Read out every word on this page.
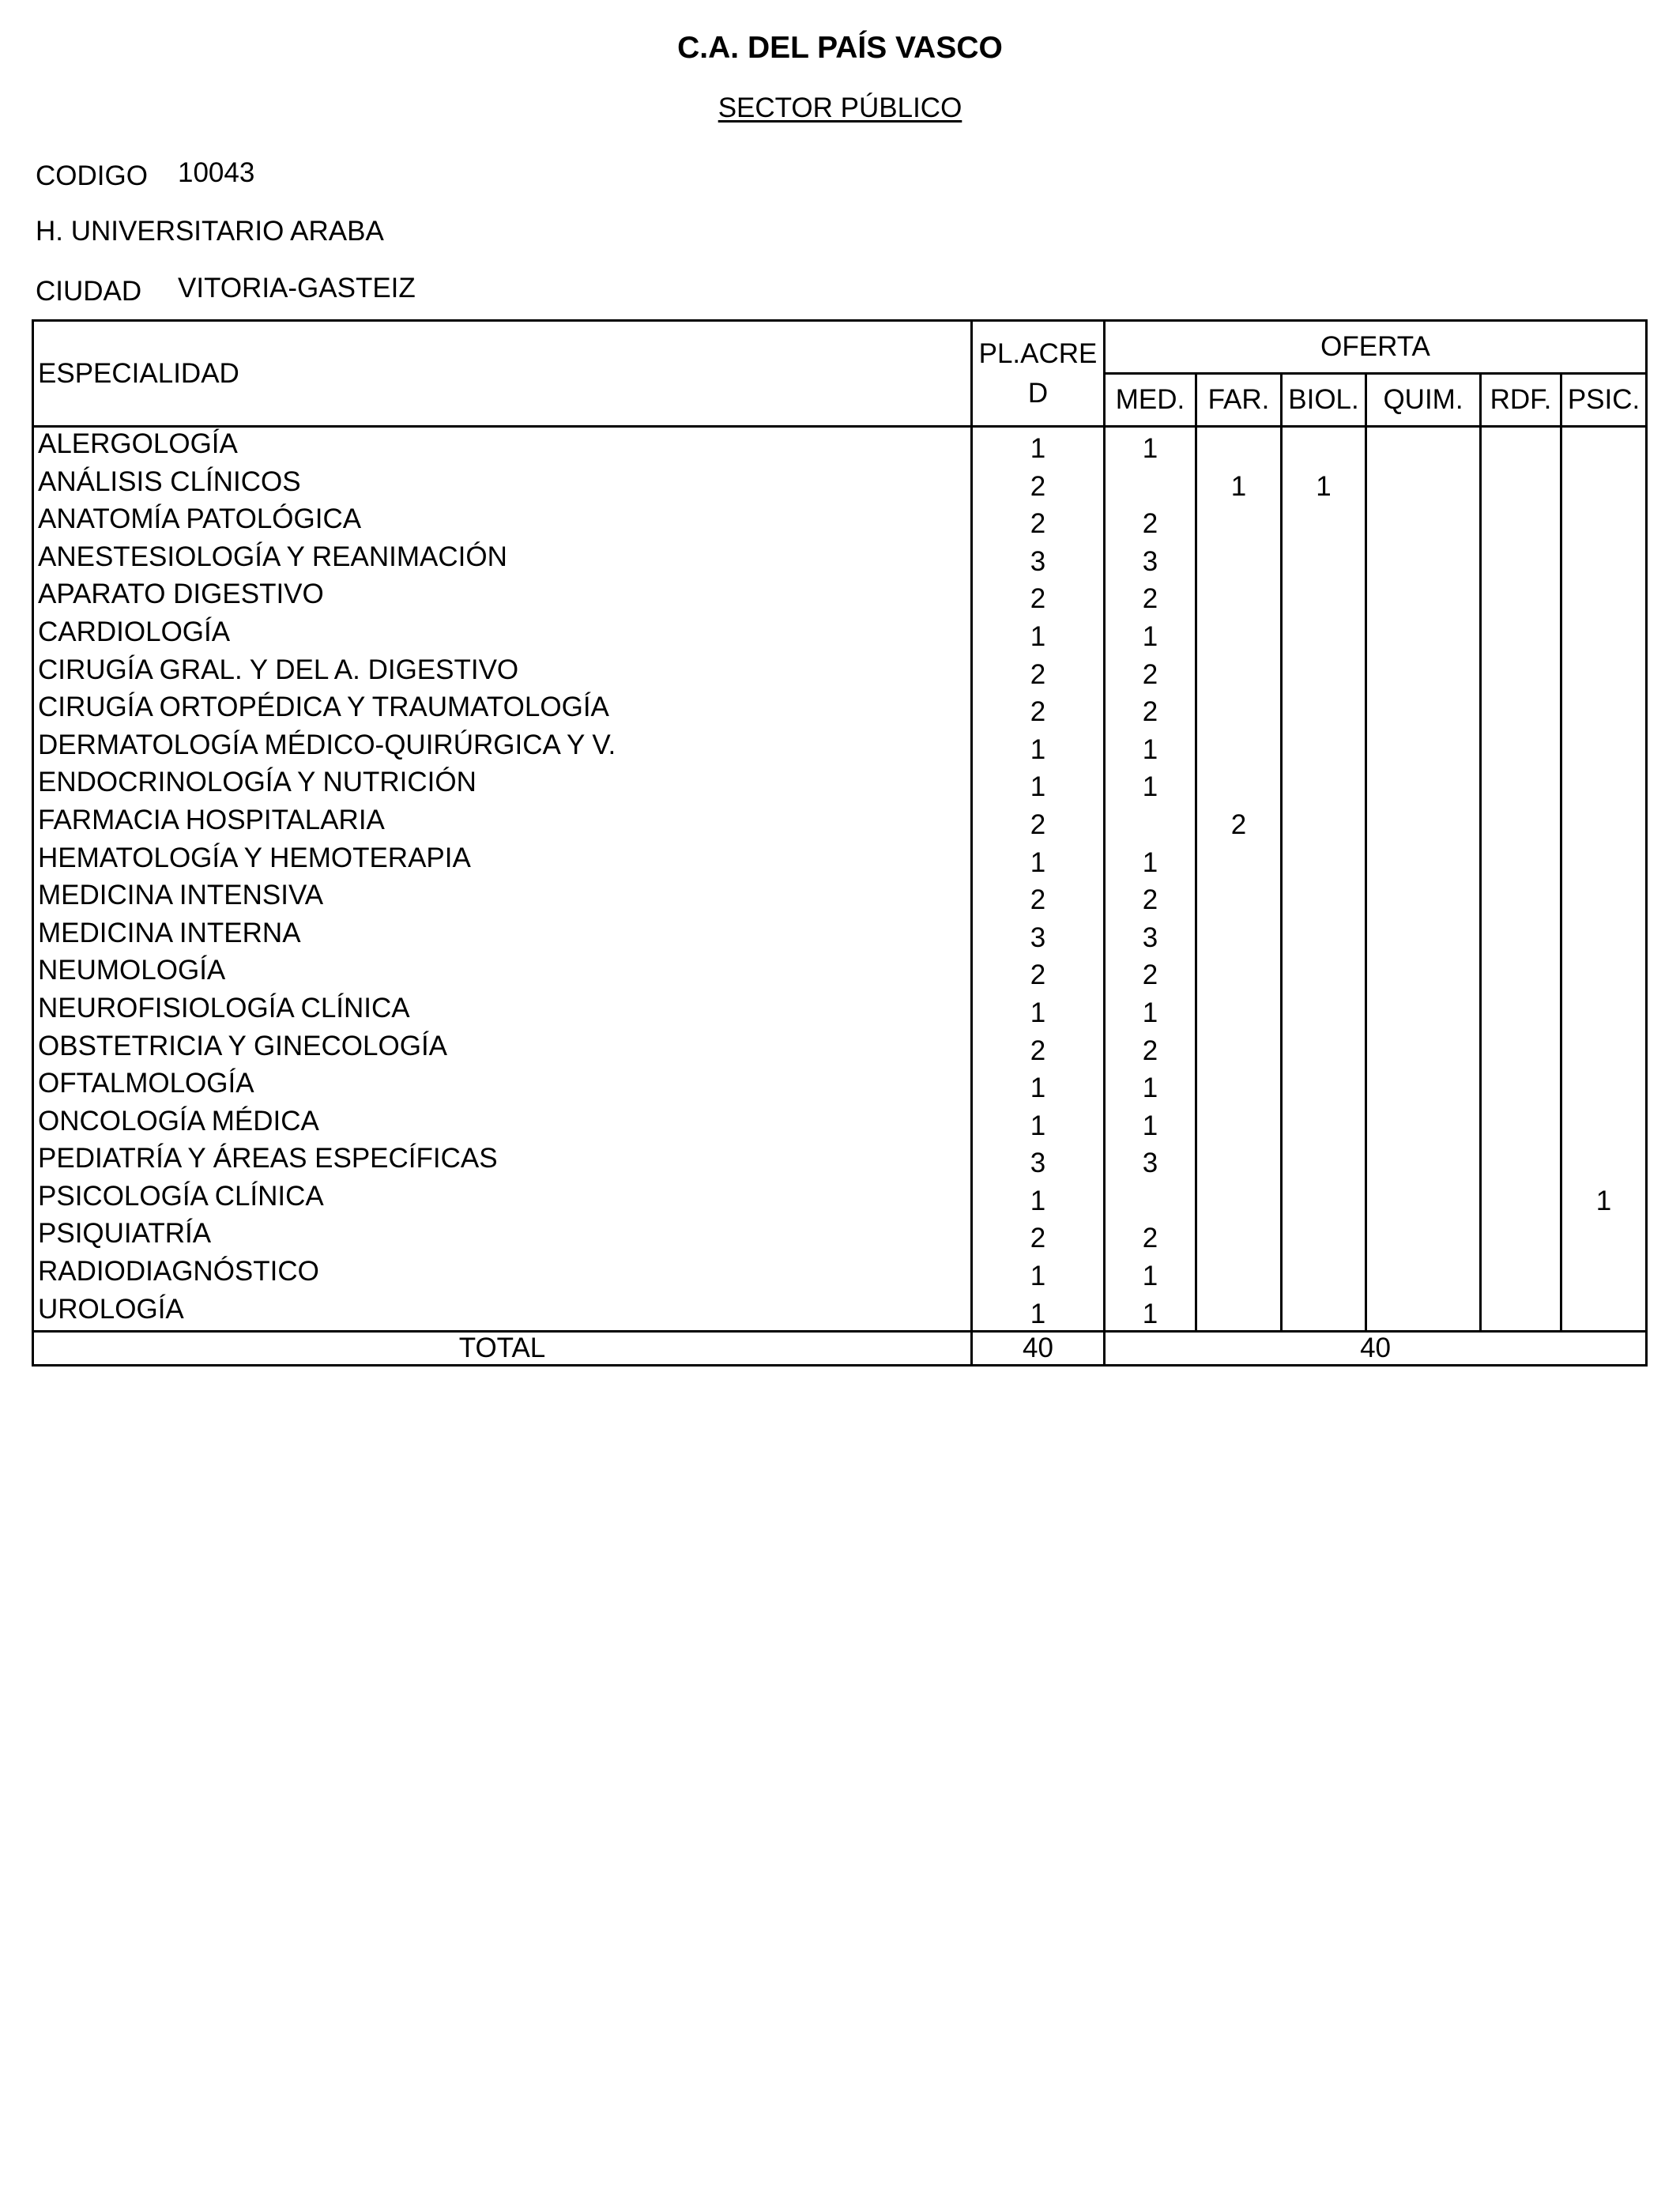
C.A. DEL PAÍS VASCO
SECTOR PÚBLICO
CODIGO 10043
H. UNIVERSITARIO ARABA
CIUDAD VITORIA-GASTEIZ
ESPECIALIDAD	PL.ACRE D	OFERTA					
		MED.	FAR.	BIOL.	QUIM.	RDF.	PSIC.
ALERGOLOGÍA	1	1					
ANÁLISIS CLÍNICOS	2		1	1			
ANATOMÍA PATOLÓGICA	2	2					
ANESTESIOLOGÍA Y REANIMACIÓN	3	3					
APARATO DIGESTIVO	2	2					
CARDIOLOGÍA	1	1					
CIRUGÍA GRAL. Y DEL A. DIGESTIVO	2	2					
CIRUGÍA ORTOPÉDICA Y TRAUMATOLOGÍA	2	2					
DERMATOLOGÍA MÉDICO-QUIRÚRGICA Y V.	1	1					
ENDOCRINOLOGÍA Y NUTRICIÓN	1	1					
FARMACIA HOSPITALARIA	2		2				
HEMATOLOGÍA Y HEMOTERAPIA	1	1					
MEDICINA INTENSIVA	2	2					
MEDICINA INTERNA	3	3					
NEUMOLOGÍA	2	2					
NEUROFISIOLOGÍA CLÍNICA	1	1					
OBSTETRICIA Y GINECOLOGÍA	2	2					
OFTALMOLOGÍA	1	1					
ONCOLOGÍA MÉDICA	1	1					
PEDIATRÍA Y ÁREAS ESPECÍFICAS	3	3					
PSICOLOGÍA CLÍNICA	1						1
PSIQUIATRÍA	2	2					
RADIODIAGNÓSTICO	1	1					
UROLOGÍA	1	1					
TOTAL	40	40					
